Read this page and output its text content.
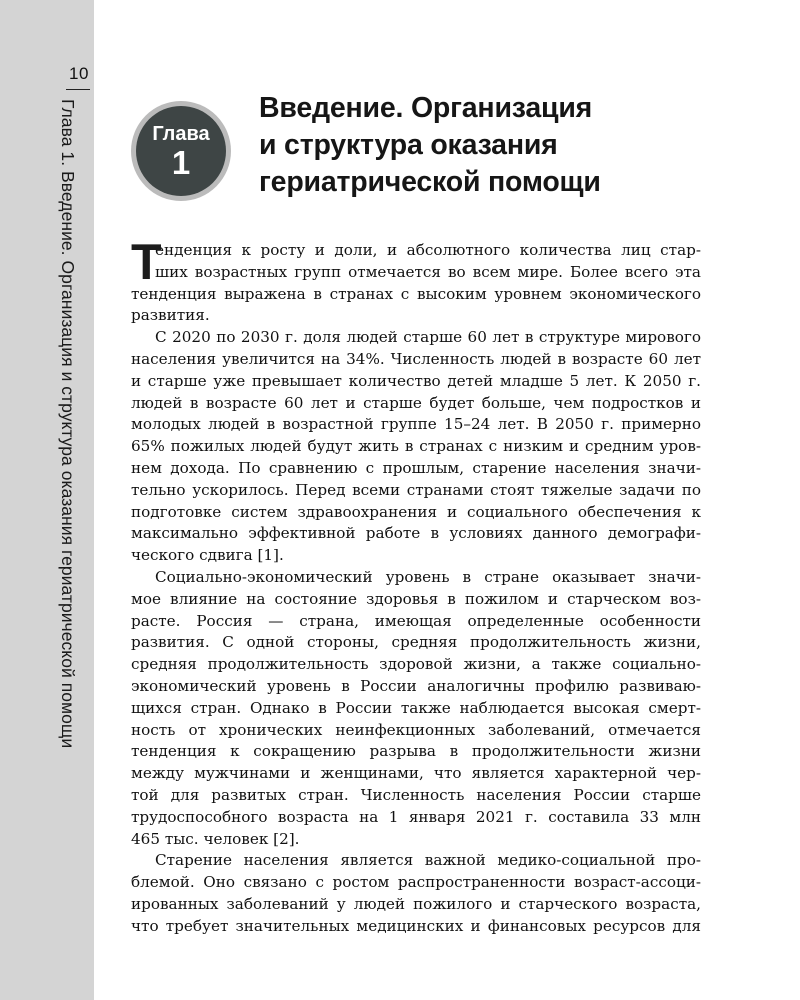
10
Глава 1. Введение. Организация и структура оказания гериатрической помощи	Глава
1
Введение. Организация
и структура оказания
гериатрической помощи
Т
енденция к росту и доли, и абсолютного количества лиц стар-
ших возрастных групп отмечается во всем мире. Более всего эта
тенденция выражена в странах с высоким уровнем экономического
развития.
С 2020 по 2030 г. доля людей старше 60 лет в структуре мирового
населения увеличится на 34%. Численность людей в возрасте 60 лет
и старше уже превышает количество детей младше 5 лет. К 2050 г.
людей в возрасте 60 лет и старше будет больше, чем подростков и
молодых людей в возрастной группе 15–24 лет. В 2050 г. примерно
65% пожилых людей будут жить в странах с низким и средним уров-
нем дохода. По сравнению с прошлым, старение населения значи-
тельно ускорилось. Перед всеми странами стоят тяжелые задачи по
подготовке систем здравоохранения и социального обеспечения к
максимально эффективной работе в условиях данного демографи-
ческого сдвига [1].
Социально-экономический уровень в стране оказывает значи-
мое влияние на состояние здоровья в пожилом и старческом воз-
расте. Россия — страна, имеющая определенные особенности
развития. С одной стороны, средняя продолжительность жизни,
средняя продолжительность здоровой жизни, а также социально-
экономический уровень в России аналогичны профилю развиваю-
щихся стран. Однако в России также наблюдается высокая смерт-
ность от хронических неинфекционных заболеваний, отмечается
тенденция к сокращению разрыва в продолжительности жизни
между мужчинами и женщинами, что является характерной чер-
той для развитых стран. Численность населения России старше
трудоспособного возраста на 1 января 2021 г. составила 33 млн
465 тыс. человек [2].
Старение населения является важной медико-социальной про-
блемой. Оно связано с ростом распространенности возраст-ассоци-
ированных заболеваний у людей пожилого и старческого возраста,
что требует значительных медицинских и финансовых ресурсов для
